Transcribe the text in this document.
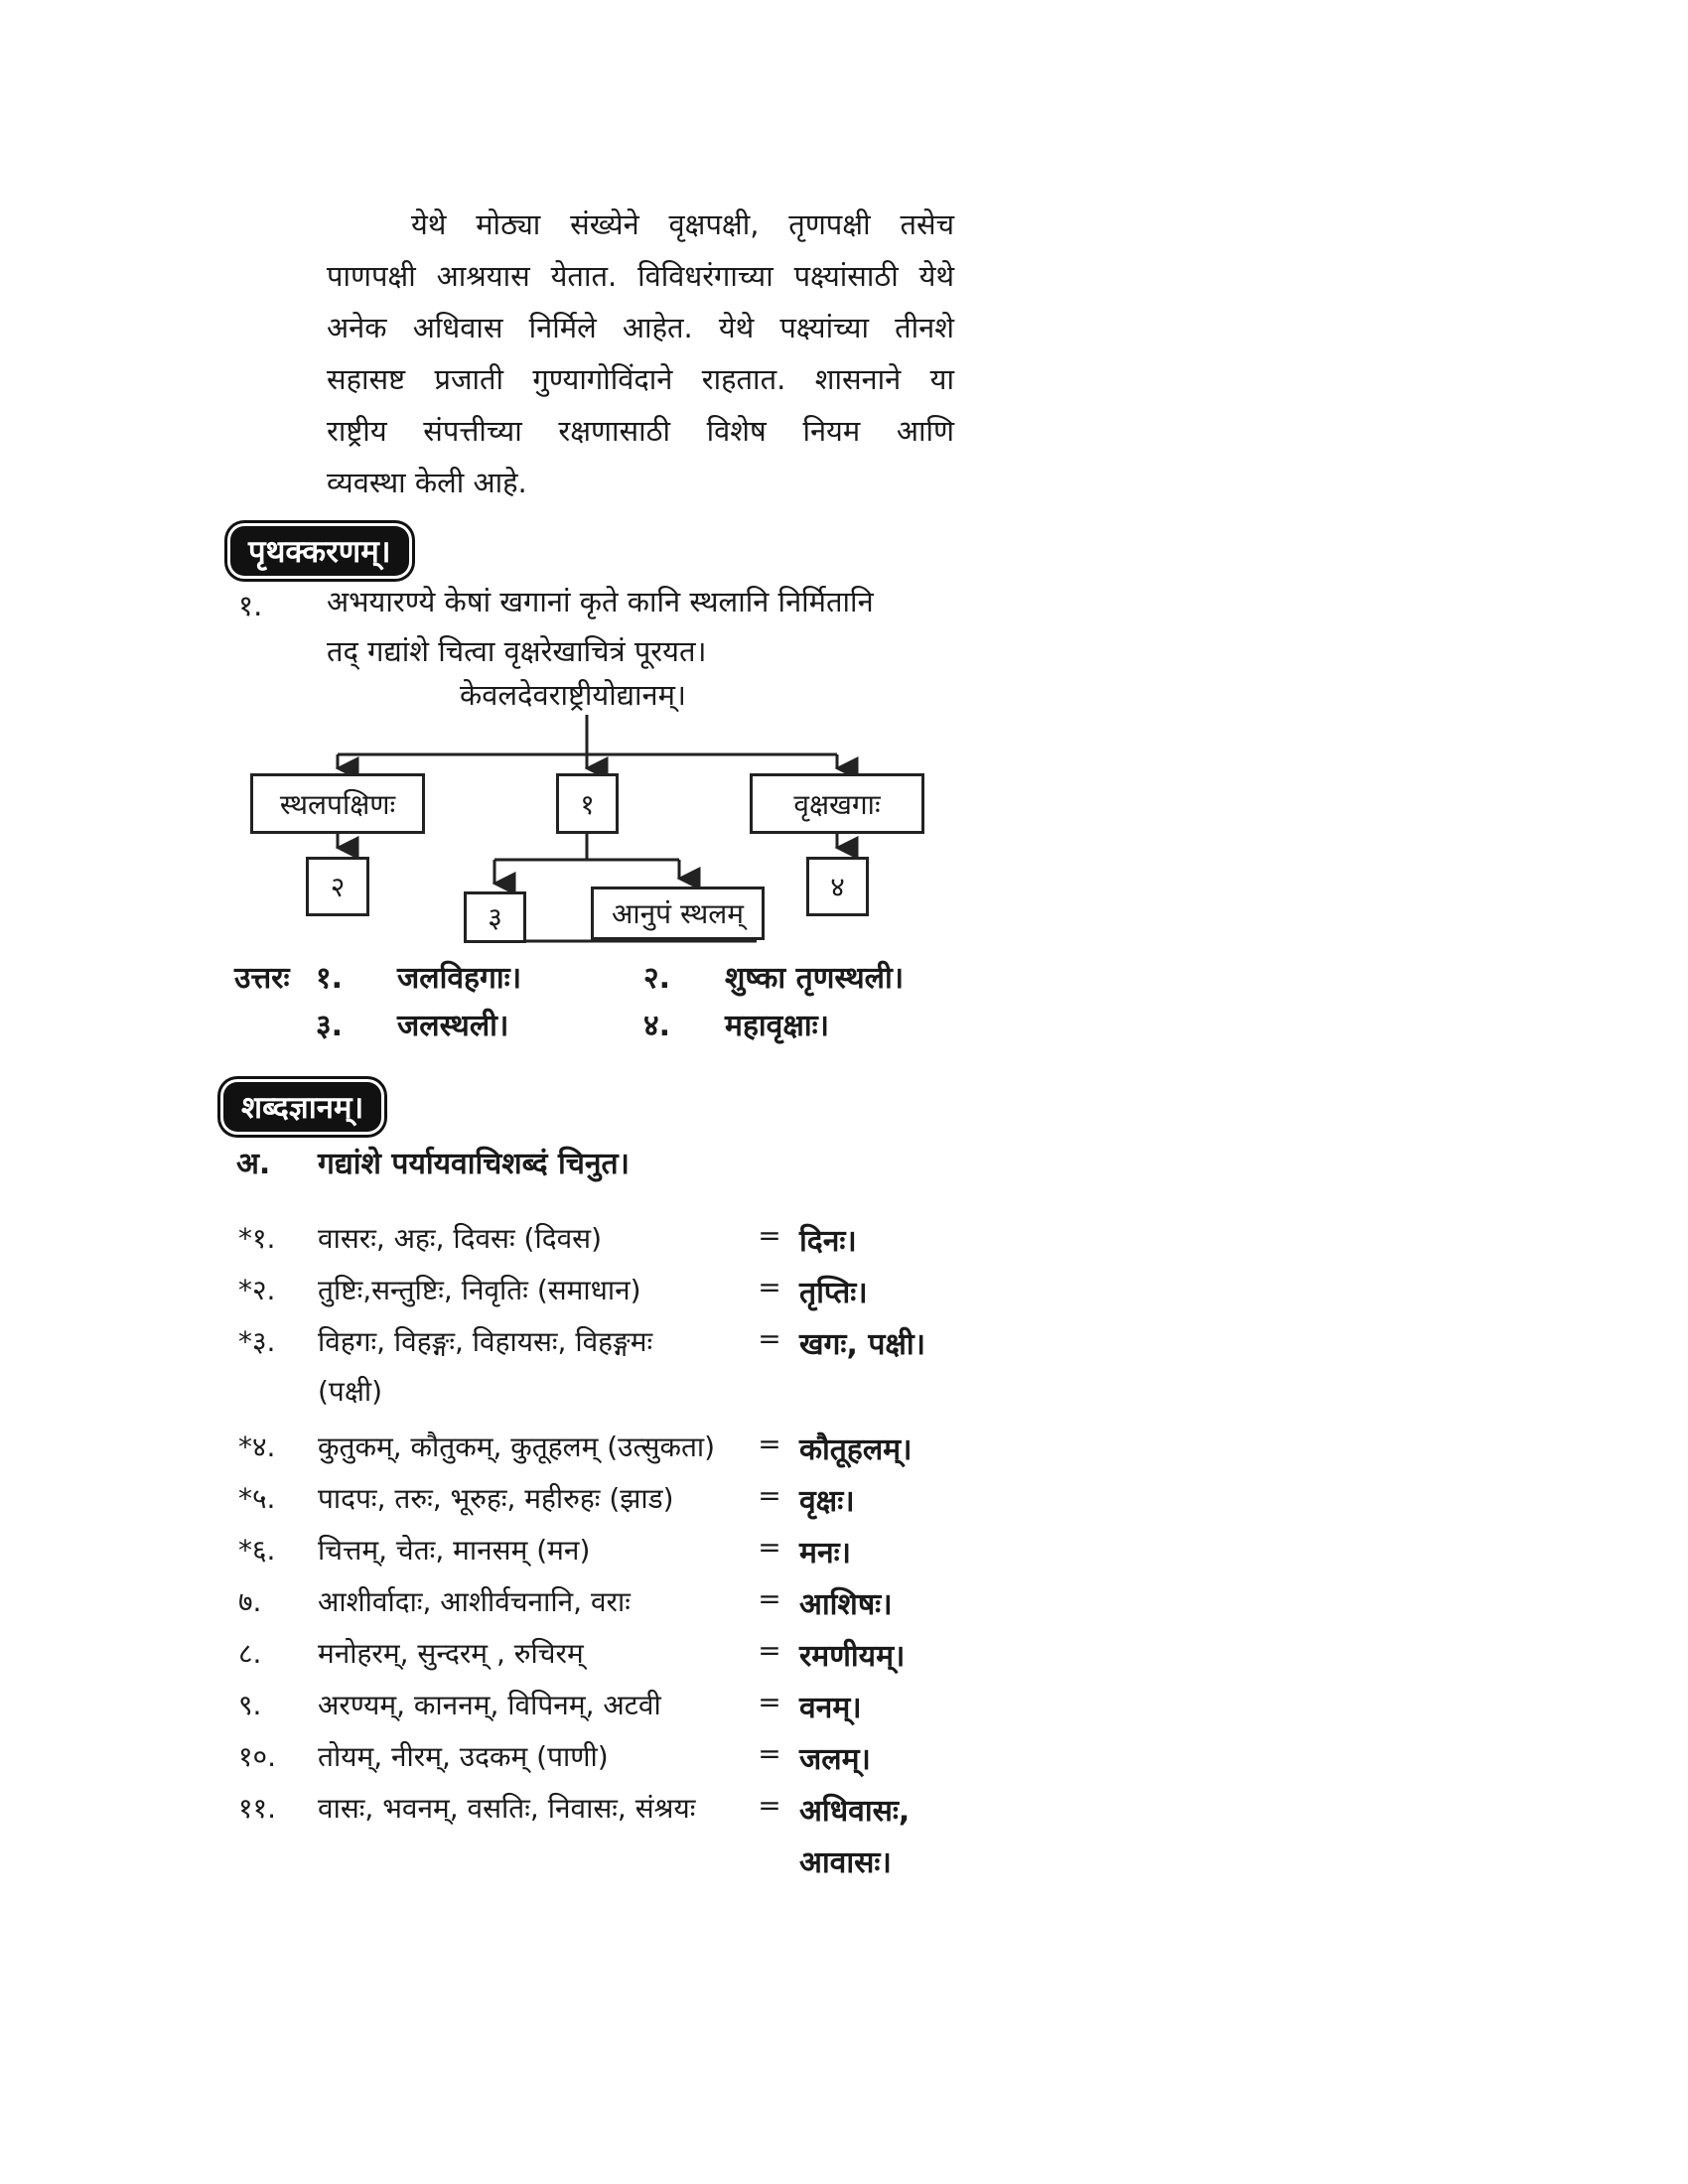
येथे मोठ्या संख्येने वृक्षपक्षी, तृणपक्षी तसेच
पाणपक्षी आश्रयास येतात. विविधरंगाच्या पक्ष्यांसाठी येथे
अनेक अधिवास निर्मिले आहेत. येथे पक्ष्यांच्या तीनशे
सहासष्ट प्रजाती गुण्यागोविंदाने राहतात. शासनाने या
राष्ट्रीय संपत्तीच्या रक्षणासाठी विशेष नियम आणि
व्यवस्था केली आहे.
पृथक्करणम्।
१. अभयारण्ये केषां खगानां कृते कानि स्थलानि निर्मितानि
तद् गद्यांशे चित्वा वृक्षरेखाचित्रं पूरयत।
केवलदेवराष्ट्रीयोद्यानम्।
स्थलपक्षिणः	१	वृक्षखगाः
२
३	आनुपं स्थलम्
४
उत्तरः १. जलविहगाः।	२. शुष्का तृणस्थली।
३. जलस्थली।	४. महावृक्षाः।
शब्दज्ञानम्।
अ. गद्यांशे पर्यायवाचिशब्दं चिनुत।
*१.	वासरः, अहः, दिवसः (दिवस)	= दिनः।
*२.	तुष्टिः,सन्तुष्टिः, निवृतिः (समाधान)	= तृप्तिः।
*३.	विहगः, विहङ्गः, विहायसः, विहङ्गमः	= खगः, पक्षी।
(पक्षी)
*४.	कुतुकम्, कौतुकम्, कुतूहलम् (उत्सुकता)	= कौतूहलम्।
*५.	पादपः, तरुः, भूरुहः, महीरुहः (झाड)	= वृक्षः।
*६.	चित्तम्, चेतः, मानसम् (मन)	= मनः।
७.	आशीर्वादाः, आशीर्वचनानि, वराः	= आशिषः।
८.	मनोहरम्, सुन्दरम् , रुचिरम्	= रमणीयम्।
९.	अरण्यम्, काननम्, विपिनम्, अटवी	= वनम्।
१०.	तोयम्, नीरम्, उदकम् (पाणी)	= जलम्।
११.	वासः, भवनम्, वसतिः, निवासः, संश्रयः	= अधिवासः,
आवासः।
